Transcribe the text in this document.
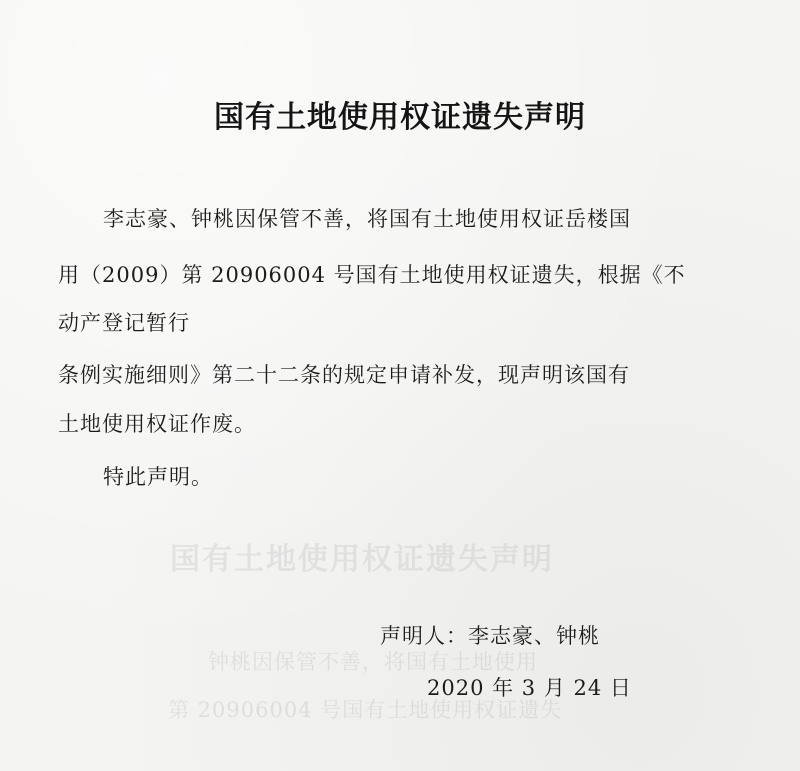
国有土地使用权证遗失声明
钟桃因保管不善，将国有土地使用
第 20906004 号国有土地使用权证遗失
国有土地使用权证遗失声明
李志豪、钟桃因保管不善，将国有土地使用权证岳楼国
用（2009）第 20906004 号国有土地使用权证遗失，根据《不
动产登记暂行
条例实施细则》第二十二条的规定申请补发，现声明该国有
土地使用权证作废。
特此声明。
声明人：李志豪、钟桃
2020 年 3 月 24 日
